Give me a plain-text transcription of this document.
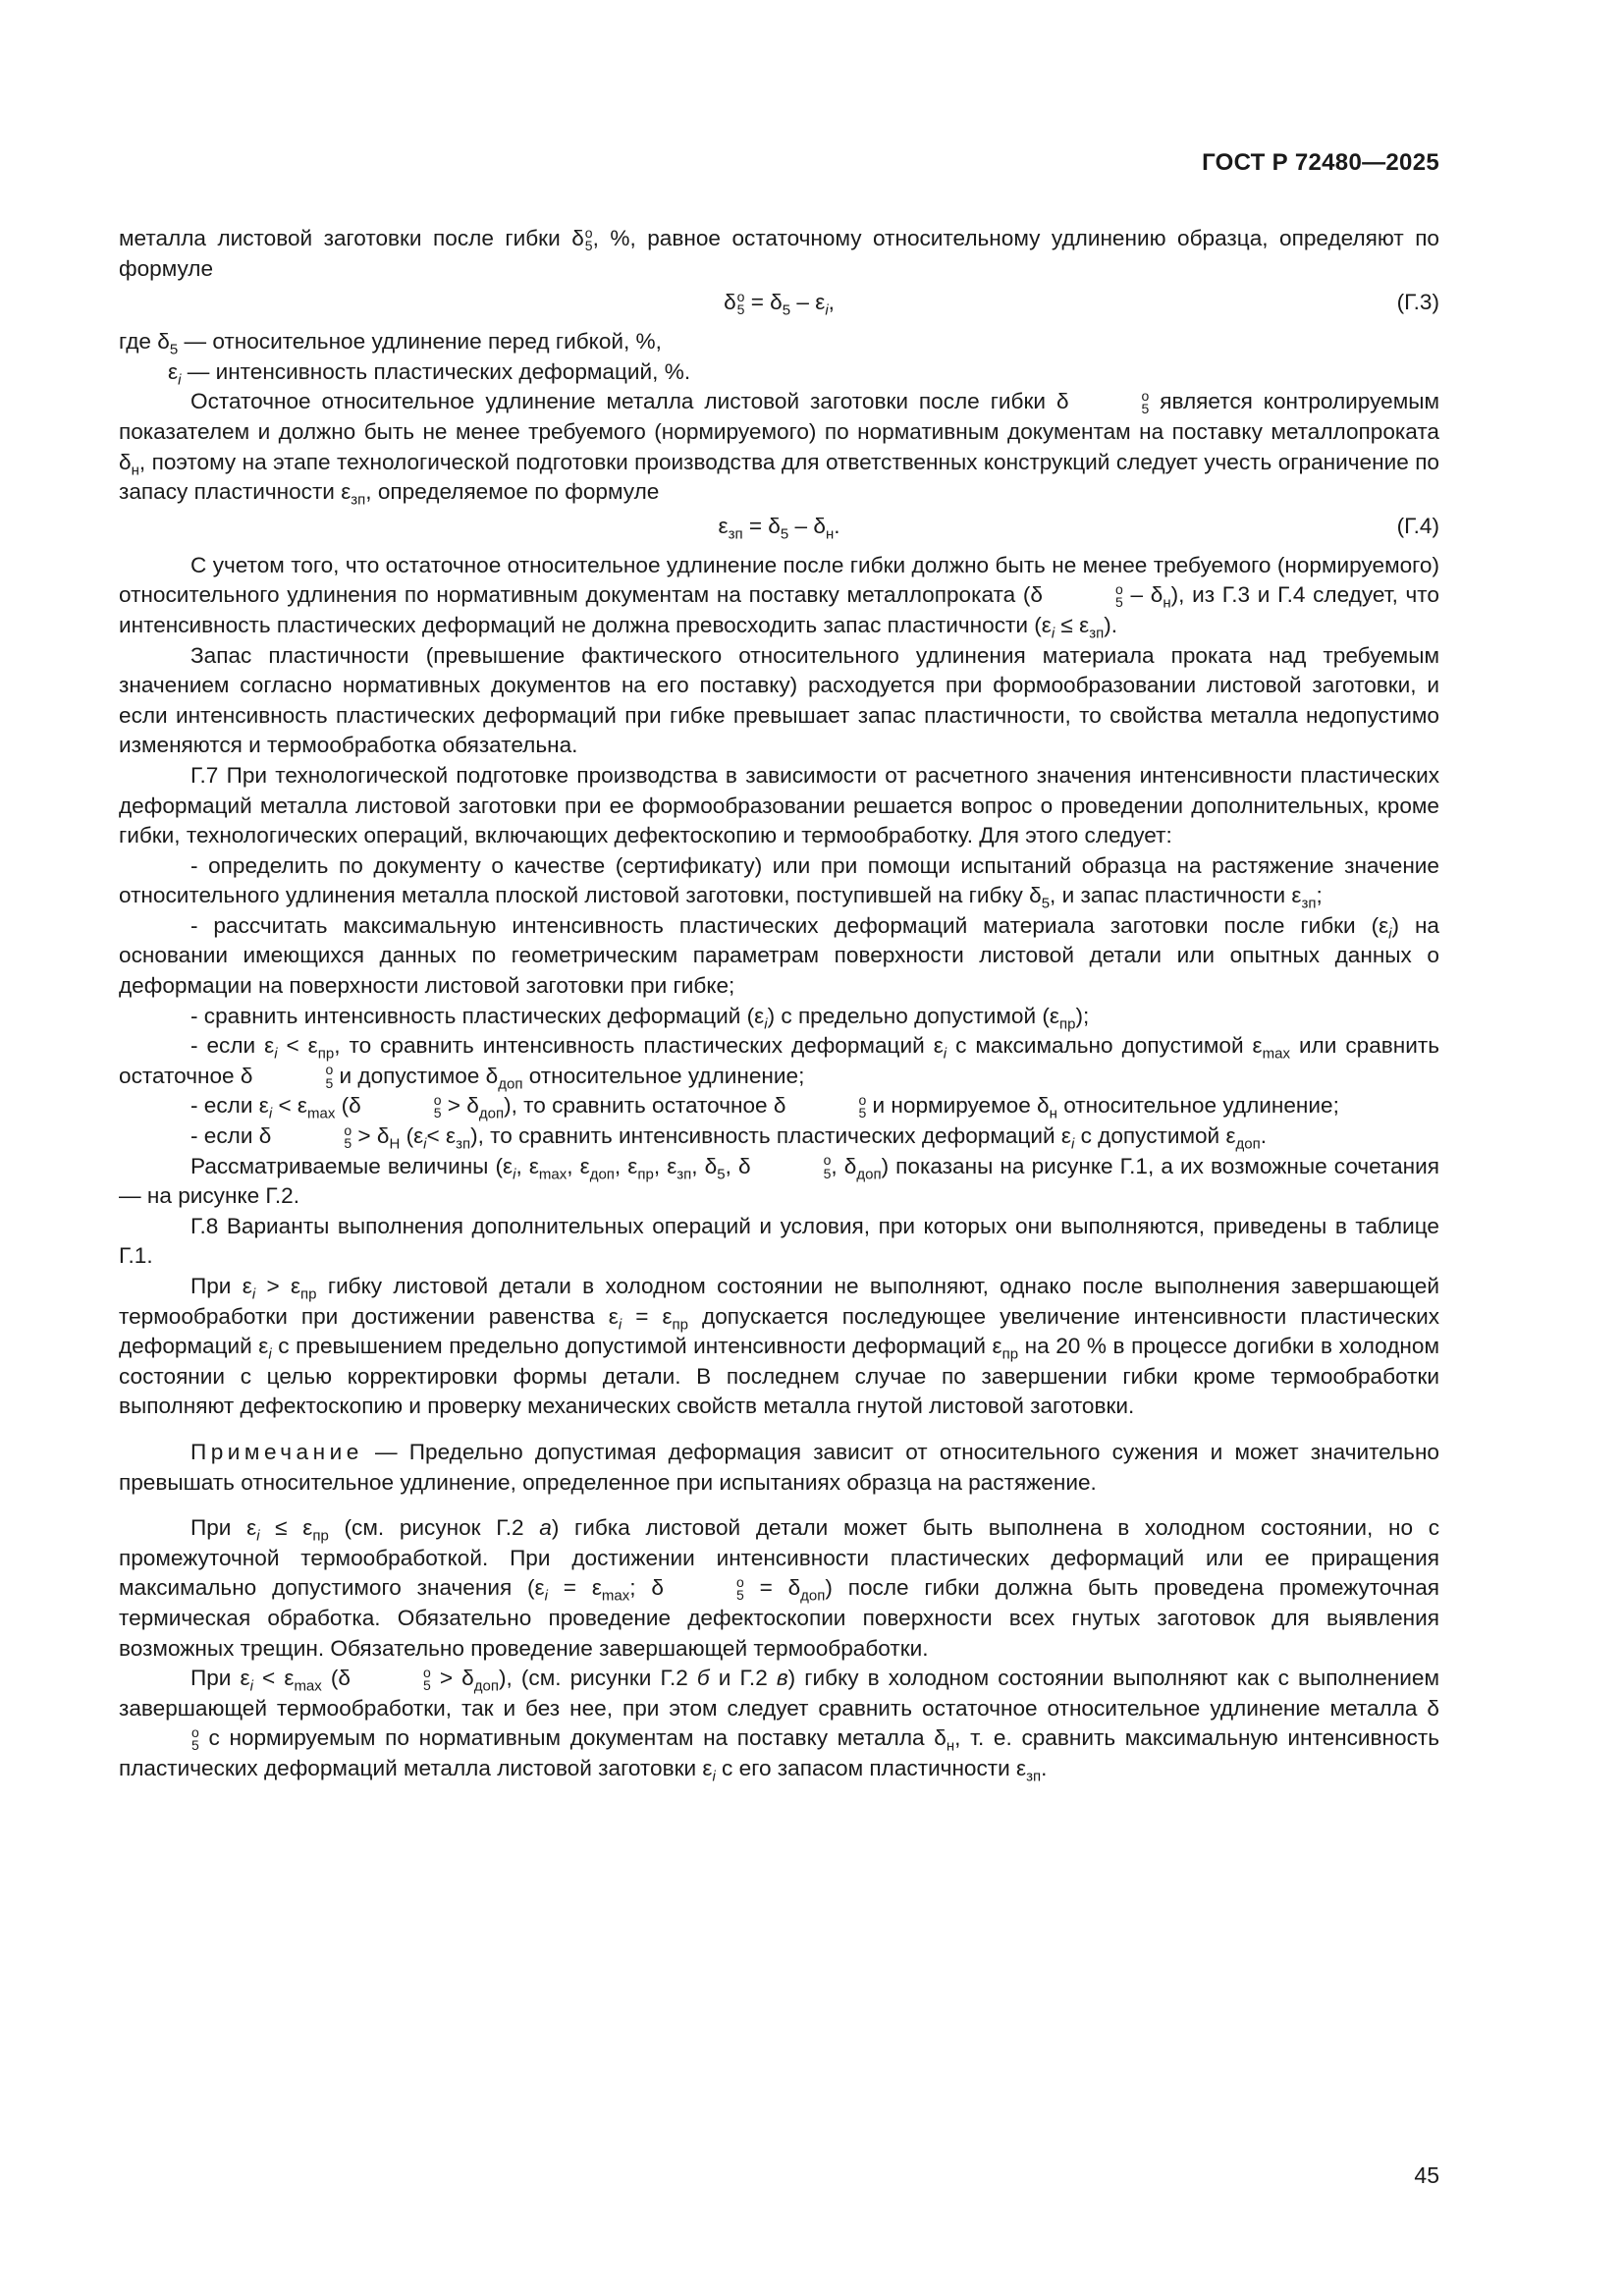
ГОСТ Р 72480—2025

металла листовой заготовки после гибки δ о
5 , %, равное остаточному относительному удлинению образца, определяют по формуле

δ о
$5 = \delta_5 - \varepsilon_i$,	(Г.3)
где $\delta_5$ — относительное удлинение перед гибкой, %,
$\varepsilon_i$ — интенсивность пластических деформаций, %.

Остаточное относительное удлинение металла листовой заготовки после гибки δ	о
5 является контролируемым показателем и должно быть не менее требуемого (нормируемого) по нормативным документам на поставку металлопроката $\delta_н$, поэтому на этапе технологической подготовки производства для ответственных конструкций следует учесть ограничение по запасу пластичности $\varepsilon_{зп}$, определяемое по формуле

$\varepsilon_{зп} = \delta_5 - \delta_н$.	(Г.4)

С учетом того, что остаточное относительное удлинение после гибки должно быть не менее требуемого (нормируемого) относительного удлинения по нормативным документам на поставку металлопроката (δ	о
$5 - \delta_н$), из Г.3 и Г.4 следует, что интенсивность пластических деформаций не должна превосходить запас пластичности $(\varepsilon_i \le \varepsilon_{зп})$.

Запас пластичности (превышение фактического относительного удлинения материала проката над требуемым значением согласно нормативных документов на его поставку) расходуется при формообразовании листовой заготовки, и если интенсивность пластических деформаций при гибке превышает запас пластичности, то свойства металла недопустимо изменяются и термообработка обязательна.

Г.7 При технологической подготовке производства в зависимости от расчетного значения интенсивности пластических деформаций металла листовой заготовки при ее формообразовании решается вопрос о проведении дополнительных, кроме гибки, технологических операций, включающих дефектоскопию и термообработку. Для этого следует:

- определить по документу о качестве (сертификату) или при помощи испытаний образца на растяжение значение относительного удлинения металла плоской листовой заготовки, поступившей на гибку $\delta_5$, и запас пластичности $\varepsilon_{зп}$;

- рассчитать максимальную интенсивность пластических деформаций материала заготовки после гибки $(\varepsilon_i)$ на основании имеющихся данных по геометрическим параметрам поверхности листовой детали или опытных данных о деформации на поверхности листовой заготовки при гибке;

- сравнить интенсивность пластических деформаций $(\varepsilon_i)$ с предельно допустимой $(\varepsilon_{пр})$;

- если $\varepsilon_i < \varepsilon_{пр}$, то сравнить интенсивность пластических деформаций $\varepsilon_i$ с максимально допустимой $\varepsilon_{max}$ или сравнить остаточное δ	о
5 и допустимое $\delta_{доп}$ относительное удлинение;

- если $\varepsilon_i < \varepsilon_{max}$ (δ	о
$5 > \delta_{доп}$), то сравнить остаточное δ	о
5 и нормируемое $\delta_н$ относительное удлинение;

- если δ	о
$5 > \delta_Н$ $(\varepsilon_i< \varepsilon_{зп})$, то сравнить интенсивность пластических деформаций $\varepsilon_i$ с допустимой $\varepsilon_{доп}$.

Рассматриваемые величины ($\varepsilon_i$, $\varepsilon_{max}$, $\varepsilon_{доп}$, $\varepsilon_{пр}$, $\varepsilon_{зп}$, $\delta_5$, δ	о
5 , $\delta_{доп}$) показаны на рисунке Г.1, а их возможные сочетания — на рисунке Г.2.

Г.8 Варианты выполнения дополнительных операций и условия, при которых они выполняются, приведены в таблице Г.1.

При $\varepsilon_i > \varepsilon_{пр}$ гибку листовой детали в холодном состоянии не выполняют, однако после выполнения завершающей термообработки при достижении равенства $\varepsilon_i = \varepsilon_{пр}$ допускается последующее увеличение интенсивности пластических деформаций $\varepsilon_i$ с превышением предельно допустимой интенсивности деформаций $\varepsilon_{пр}$ на 20 % в процессе догибки в холодном состоянии с целью корректировки формы детали. В последнем случае по завершении гибки кроме термообработки выполняют дефектоскопию и проверку механических свойств металла гнутой листовой заготовки.

Примечание — Предельно допустимая деформация зависит от относительного сужения и может значительно превышать относительное удлинение, определенное при испытаниях образца на растяжение.

При $\varepsilon_i \le \varepsilon_{пр}$ (см. рисунок Г.2 а) гибка листовой детали может быть выполнена в холодном состоянии, но с промежуточной термообработкой. При достижении интенсивности пластических деформаций или ее приращения максимально допустимого значения ($\varepsilon_i = \varepsilon_{max}$; δ	о
$5 = \delta_{доп}$) после гибки должна быть проведена промежуточная термическая обработка. Обязательно проведение дефектоскопии поверхности всех гнутых заготовок для выявления возможных трещин. Обязательно проведение завершающей термообработки.

При $\varepsilon_i < \varepsilon_{max}$ (δ	о
$5 > \delta_{доп}$), (см. рисунки Г.2 б и Г.2 в) гибку в холодном состоянии выполняют как с выполнением завершающей термообработки, так и без нее, при этом следует сравнить остаточное относительное удлинение металла δ
о
5 с нормируемым по нормативным документам на поставку металла $\delta_н$, т. е. сравнить максимальную интенсивность пластических деформаций металла листовой заготовки $\varepsilon_i$ с его запасом пластичности $\varepsilon_{зп}$.

45
